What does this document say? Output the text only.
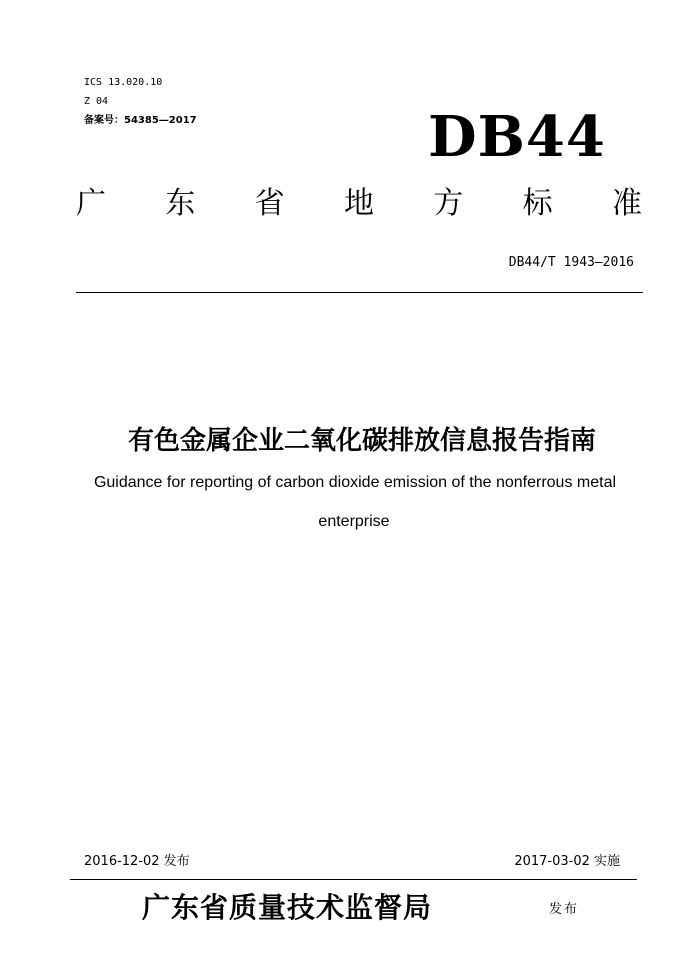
ICS 13.020.10
Z 04
备案号：54385—2017	DB44
广 东 省 地 方 标 准
DB44/T 1943—2016
有色金属企业二氧化碳排放信息报告指南
Guidance for reporting of carbon dioxide emission of the nonferrous metal
enterprise
2016-12-02 发布	2017-03-02 实施
广东省质量技术监督局	发布
